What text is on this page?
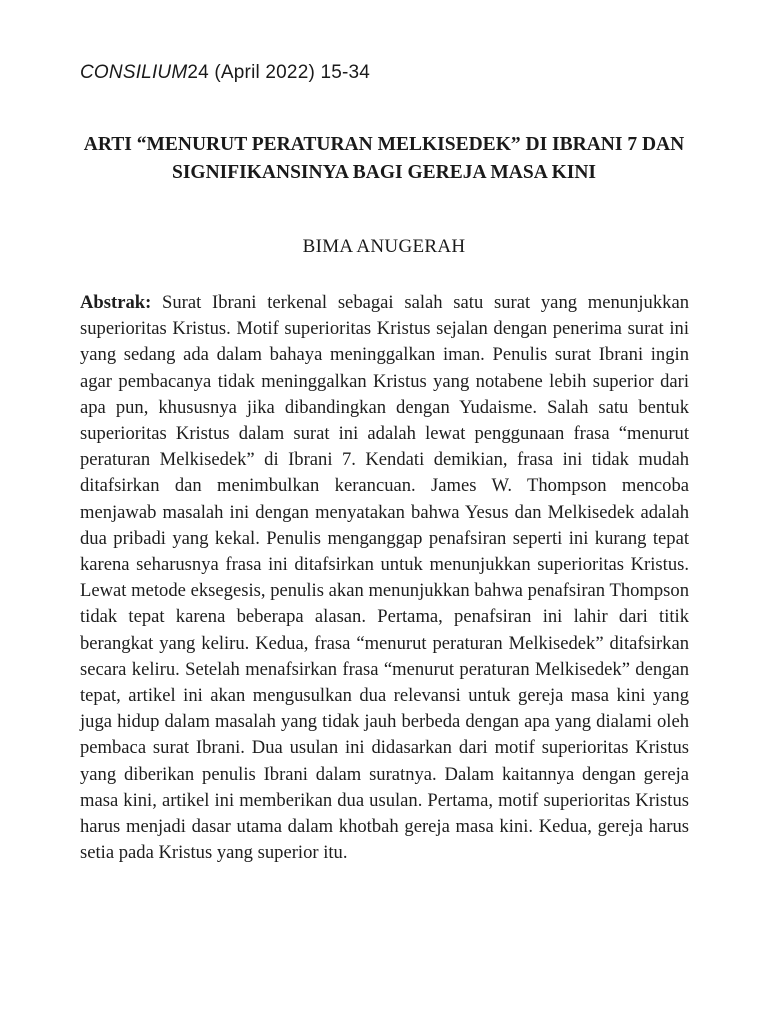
CONSILIUM24 (April 2022) 15-34
ARTI “MENURUT PERATURAN MELKISEDEK” DI IBRANI 7 DAN SIGNIFIKANSINYA BAGI GEREJA MASA KINI
BIMA ANUGERAH

Abstrak: Surat Ibrani terkenal sebagai salah satu surat yang menunjukkan superioritas Kristus. Motif superioritas Kristus sejalan dengan penerima surat ini yang sedang ada dalam bahaya meninggalkan iman. Penulis surat Ibrani ingin agar pembacanya tidak meninggalkan Kristus yang notabene lebih superior dari apa pun, khususnya jika dibandingkan dengan Yudaisme. Salah satu bentuk superioritas Kristus dalam surat ini adalah lewat penggunaan frasa “menurut peraturan Melkisedek” di Ibrani 7. Kendati demikian, frasa ini tidak mudah ditafsirkan dan menimbulkan kerancuan. James W. Thompson mencoba menjawab masalah ini dengan menyatakan bahwa Yesus dan Melkisedek adalah dua pribadi yang kekal. Penulis menganggap penafsiran seperti ini kurang tepat karena seharusnya frasa ini ditafsirkan untuk menunjukkan superioritas Kristus. Lewat metode eksegesis, penulis akan menunjukkan bahwa penafsiran Thompson tidak tepat karena beberapa alasan. Pertama, penafsiran ini lahir dari titik berangkat yang keliru. Kedua, frasa “menurut peraturan Melkisedek” ditafsirkan secara keliru. Setelah menafsirkan frasa “menurut peraturan Melkisedek” dengan tepat, artikel ini akan mengusulkan dua relevansi untuk gereja masa kini yang juga hidup dalam masalah yang tidak jauh berbeda dengan apa yang dialami oleh pembaca surat Ibrani. Dua usulan ini didasarkan dari motif superioritas Kristus yang diberikan penulis Ibrani dalam suratnya. Dalam kaitannya dengan gereja masa kini, artikel ini memberikan dua usulan. Pertama, motif superioritas Kristus harus menjadi dasar utama dalam khotbah gereja masa kini. Kedua, gereja harus setia pada Kristus yang superior itu.
